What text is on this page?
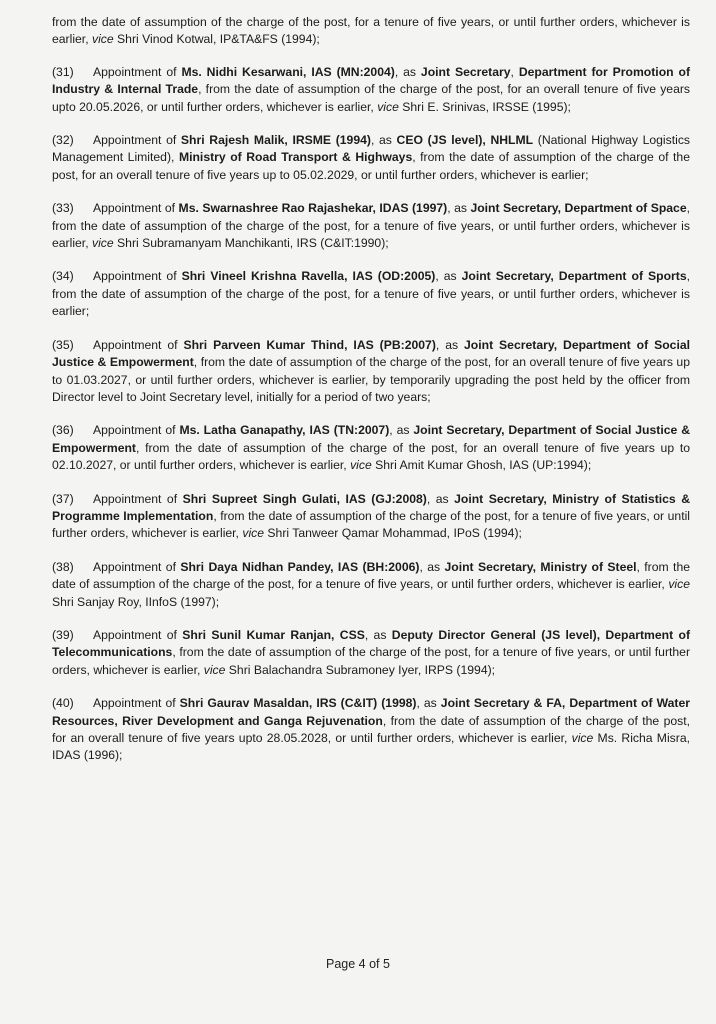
from the date of assumption of the charge of the post, for a tenure of five years, or until further orders, whichever is earlier, vice Shri Vinod Kotwal, IP&TA&FS (1994);

(31) Appointment of Ms. Nidhi Kesarwani, IAS (MN:2004), as Joint Secretary, Department for Promotion of Industry & Internal Trade, from the date of assumption of the charge of the post, for an overall tenure of five years upto 20.05.2026, or until further orders, whichever is earlier, vice Shri E. Srinivas, IRSSE (1995);

(32) Appointment of Shri Rajesh Malik, IRSME (1994), as CEO (JS level), NHLML (National Highway Logistics Management Limited), Ministry of Road Transport & Highways, from the date of assumption of the charge of the post, for an overall tenure of five years up to 05.02.2029, or until further orders, whichever is earlier;

(33) Appointment of Ms. Swarnashree Rao Rajashekar, IDAS (1997), as Joint Secretary, Department of Space, from the date of assumption of the charge of the post, for a tenure of five years, or until further orders, whichever is earlier, vice Shri Subramanyam Manchikanti, IRS (C&IT:1990);

(34) Appointment of Shri Vineel Krishna Ravella, IAS (OD:2005), as Joint Secretary, Department of Sports, from the date of assumption of the charge of the post, for a tenure of five years, or until further orders, whichever is earlier;

(35) Appointment of Shri Parveen Kumar Thind, IAS (PB:2007), as Joint Secretary, Department of Social Justice & Empowerment, from the date of assumption of the charge of the post, for an overall tenure of five years up to 01.03.2027, or until further orders, whichever is earlier, by temporarily upgrading the post held by the officer from Director level to Joint Secretary level, initially for a period of two years;

(36) Appointment of Ms. Latha Ganapathy, IAS (TN:2007), as Joint Secretary, Department of Social Justice & Empowerment, from the date of assumption of the charge of the post, for an overall tenure of five years up to 02.10.2027, or until further orders, whichever is earlier, vice Shri Amit Kumar Ghosh, IAS (UP:1994);

(37) Appointment of Shri Supreet Singh Gulati, IAS (GJ:2008), as Joint Secretary, Ministry of Statistics & Programme Implementation, from the date of assumption of the charge of the post, for a tenure of five years, or until further orders, whichever is earlier, vice Shri Tanweer Qamar Mohammad, IPoS (1994);

(38) Appointment of Shri Daya Nidhan Pandey, IAS (BH:2006), as Joint Secretary, Ministry of Steel, from the date of assumption of the charge of the post, for a tenure of five years, or until further orders, whichever is earlier, vice Shri Sanjay Roy, IInfoS (1997);

(39) Appointment of Shri Sunil Kumar Ranjan, CSS, as Deputy Director General (JS level), Department of Telecommunications, from the date of assumption of the charge of the post, for a tenure of five years, or until further orders, whichever is earlier, vice Shri Balachandra Subramoney Iyer, IRPS (1994);

(40) Appointment of Shri Gaurav Masaldan, IRS (C&IT) (1998), as Joint Secretary & FA, Department of Water Resources, River Development and Ganga Rejuvenation, from the date of assumption of the charge of the post, for an overall tenure of five years upto 28.05.2028, or until further orders, whichever is earlier, vice Ms. Richa Misra, IDAS (1996);

Page 4 of 5
